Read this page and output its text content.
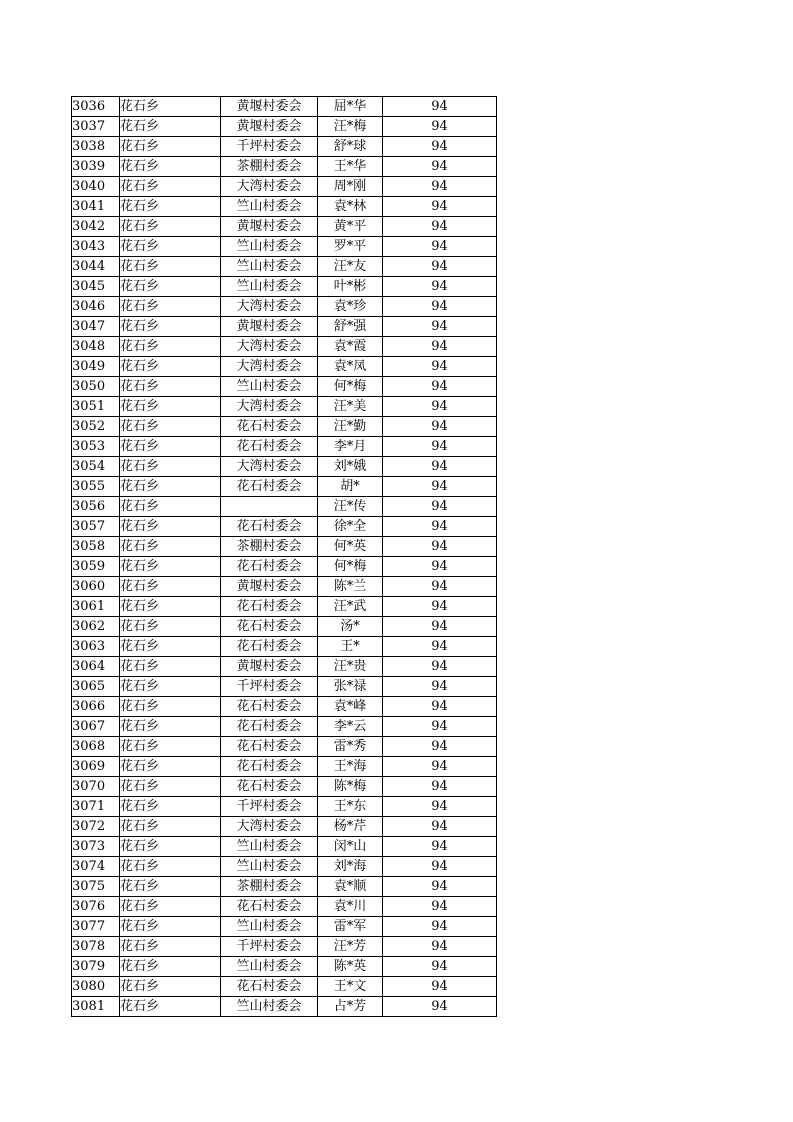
3036	花石乡	黄堰村委会	屈*华	94
3037	花石乡	黄堰村委会	汪*梅	94
3038	花石乡	千坪村委会	舒*球	94
3039	花石乡	茶棚村委会	王*华	94
3040	花石乡	大湾村委会	周*刚	94
3041	花石乡	竺山村委会	袁*林	94
3042	花石乡	黄堰村委会	黄*平	94
3043	花石乡	竺山村委会	罗*平	94
3044	花石乡	竺山村委会	汪*友	94
3045	花石乡	竺山村委会	叶*彬	94
3046	花石乡	大湾村委会	袁*珍	94
3047	花石乡	黄堰村委会	舒*强	94
3048	花石乡	大湾村委会	袁*霞	94
3049	花石乡	大湾村委会	袁*凤	94
3050	花石乡	竺山村委会	何*梅	94
3051	花石乡	大湾村委会	汪*美	94
3052	花石乡	花石村委会	汪*勤	94
3053	花石乡	花石村委会	李*月	94
3054	花石乡	大湾村委会	刘*娥	94
3055	花石乡	花石村委会	胡*	94
3056	花石乡		汪*传	94
3057	花石乡	花石村委会	徐*全	94
3058	花石乡	茶棚村委会	何*英	94
3059	花石乡	花石村委会	何*梅	94
3060	花石乡	黄堰村委会	陈*兰	94
3061	花石乡	花石村委会	汪*武	94
3062	花石乡	花石村委会	汤*	94
3063	花石乡	花石村委会	王*	94
3064	花石乡	黄堰村委会	汪*贵	94
3065	花石乡	千坪村委会	张*禄	94
3066	花石乡	花石村委会	袁*峰	94
3067	花石乡	花石村委会	李*云	94
3068	花石乡	花石村委会	雷*秀	94
3069	花石乡	花石村委会	王*海	94
3070	花石乡	花石村委会	陈*梅	94
3071	花石乡	千坪村委会	王*东	94
3072	花石乡	大湾村委会	杨*芹	94
3073	花石乡	竺山村委会	闵*山	94
3074	花石乡	竺山村委会	刘*海	94
3075	花石乡	茶棚村委会	袁*顺	94
3076	花石乡	花石村委会	袁*川	94
3077	花石乡	竺山村委会	雷*军	94
3078	花石乡	千坪村委会	汪*芳	94
3079	花石乡	竺山村委会	陈*英	94
3080	花石乡	花石村委会	王*文	94
3081	花石乡	竺山村委会	占*芳	94
